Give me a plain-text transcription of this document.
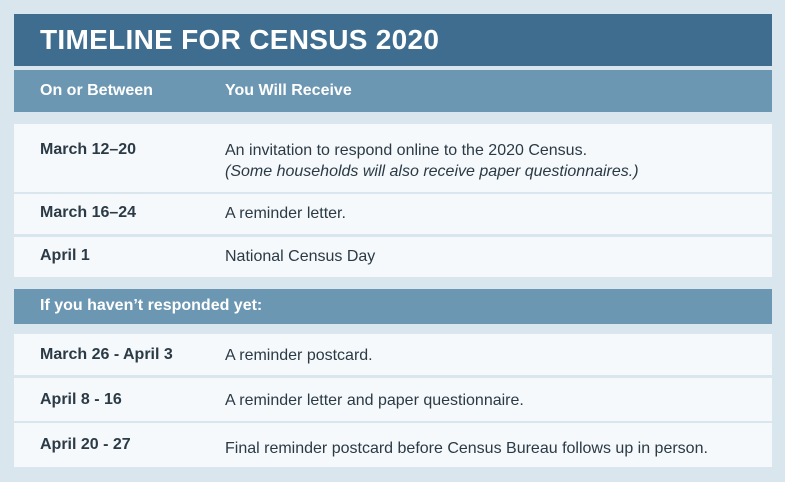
TIMELINE FOR CENSUS 2020
On or Between	You Will Receive
March 12–20	An invitation to respond online to the 2020 Census.
(Some households will also receive paper questionnaires.)
March 16–24	A reminder letter.
April 1	National Census Day
If you haven’t responded yet:
March 26 - April 3	A reminder postcard.
April 8 - 16	A reminder letter and paper questionnaire.
April 20 - 27	Final reminder postcard before Census Bureau follows up in person.
